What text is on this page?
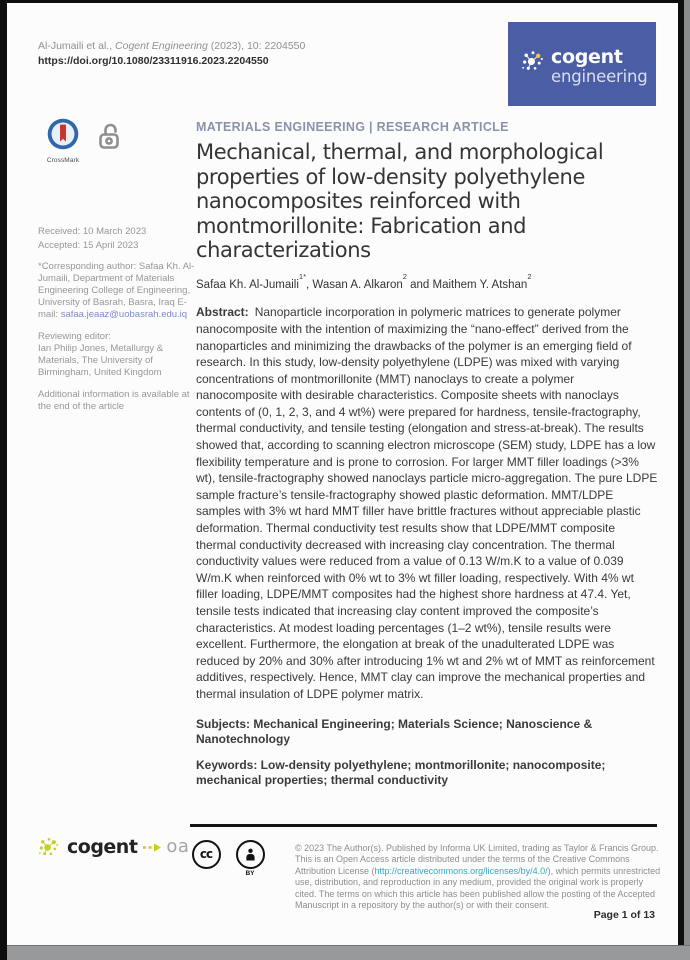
Al-Jumaili et al., Cogent Engineering (2023), 10: 2204550
https://doi.org/10.1080/23311916.2023.2204550	cogent
engineering
CrossMark
Received: 10 March 2023
Accepted: 15 April 2023
*Corresponding author: Safaa Kh. Al-Jumaili, Department of Materials Engineering College of Engineering, University of Basrah, Basra, Iraq E-mail: safaa.jeaaz@uobasrah.edu.iq
Reviewing editor:
Ian Philip Jones, Metallurgy & Materials, The University of Birmingham, United Kingdom
Additional information is available at the end of the article
MATERIALS ENGINEERING | RESEARCH ARTICLE
Mechanical, thermal, and morphological properties of low-density polyethylene nanocomposites reinforced with montmorillonite: Fabrication and characterizations
Safaa Kh. Al-Jumaili$^{1*}$, Wasan A. Alkaron$^2$ and Maithem Y. Atshan$^2$

Abstract: Nanoparticle incorporation in polymeric matrices to generate polymer nanocomposite with the intention of maximizing the “nano-effect” derived from the nanoparticles and minimizing the drawbacks of the polymer is an emerging field of research. In this study, low-density polyethylene (LDPE) was mixed with varying concentrations of montmorillonite (MMT) nanoclays to create a polymer nanocomposite with desirable characteristics. Composite sheets with nanoclays contents of (0, 1, 2, 3, and 4 wt%) were prepared for hardness, tensile-fractography, thermal conductivity, and tensile testing (elongation and stress-at-break). The results showed that, according to scanning electron microscope (SEM) study, LDPE has a low flexibility temperature and is prone to corrosion. For larger MMT filler loadings (>3% wt), tensile-fractography showed nanoclays particle micro-aggregation. The pure LDPE sample fracture’s tensile-fractography showed plastic deformation. MMT/LDPE samples with 3% wt hard MMT filler have brittle fractures without appreciable plastic deformation. Thermal conductivity test results show that LDPE/MMT composite thermal conductivity decreased with increasing clay concentration. The thermal conductivity values were reduced from a value of 0.13 W/m.K to a value of 0.039 W/m.K when reinforced with 0% wt to 3% wt filler loading, respectively. With 4% wt filler loading, LDPE/MMT composites had the highest shore hardness at 47.4. Yet, tensile tests indicated that increasing clay content improved the composite’s characteristics. At modest loading percentages (1–2 wt%), tensile results were excellent. Furthermore, the elongation at break of the unadulterated LDPE was reduced by 20% and 30% after introducing 1% wt and 2% wt of MMT as reinforcement additives, respectively. Hence, MMT clay can improve the mechanical properties and thermal insulation of LDPE polymer matrix.

Subjects: Mechanical Engineering; Materials Science; Nanoscience & Nanotechnology
Keywords: Low-density polyethylene; montmorillonite; nanocomposite; mechanical properties; thermal conductivity
cogent oa cc
BY

© 2023 The Author(s). Published by Informa UK Limited, trading as Taylor & Francis Group. This is an Open Access article distributed under the terms of the Creative Commons Attribution License (http://creativecommons.org/licenses/by/4.0/), which permits unrestricted use, distribution, and reproduction in any medium, provided the original work is properly cited. The terms on which this article has been published allow the posting of the Accepted Manuscript in a repository by the author(s) or with their consent.

Page 1 of 13
